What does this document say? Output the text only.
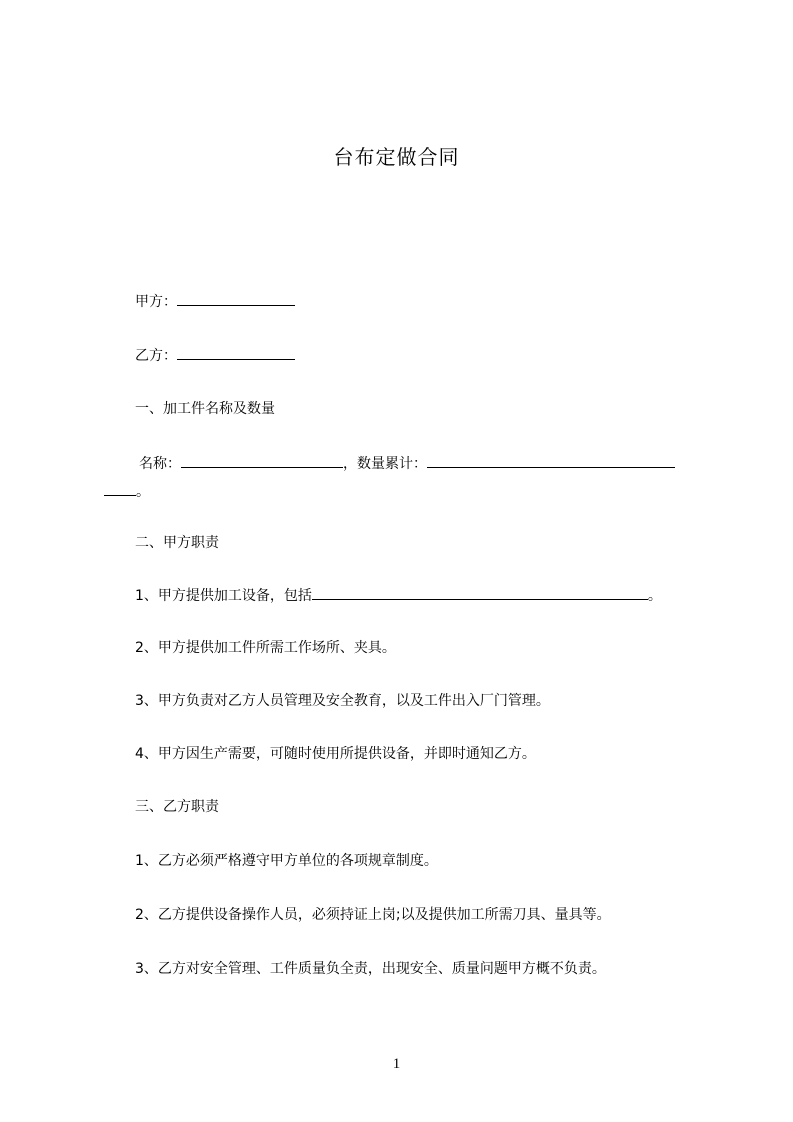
台布定做合同
甲方：
乙方：
一、加工件名称及数量
名称：	，数量累计：
。
二、甲方职责
1、甲方提供加工设备，包括	。
2、甲方提供加工件所需工作场所、夹具。
3、甲方负责对乙方人员管理及安全教育，以及工件出入厂门管理。
4、甲方因生产需要，可随时使用所提供设备，并即时通知乙方。
三、乙方职责
1、乙方必须严格遵守甲方单位的各项规章制度。
2、乙方提供设备操作人员，必须持证上岗;以及提供加工所需刀具、量具等。
3、乙方对安全管理、工件质量负全责，出现安全、质量问题甲方概不负责。
1
